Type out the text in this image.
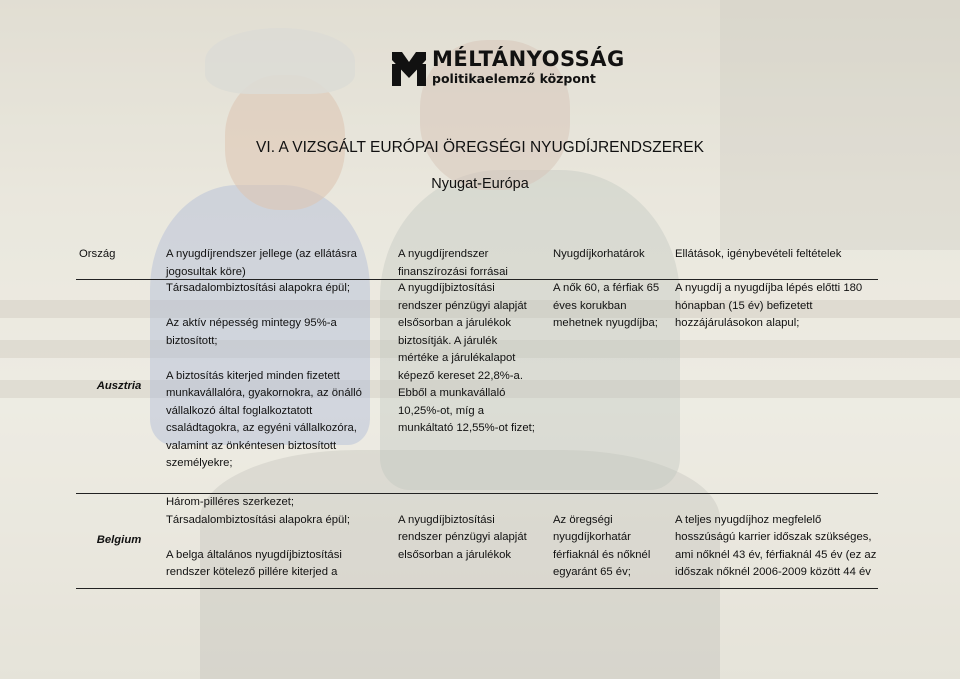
MÉLTÁNYOSSÁG
politikaelemző központ
VI. A VIZSGÁLT EURÓPAI ÖREGSÉGI NYUGDÍJRENDSZEREK
Nyugat-Európa
Ország	A nyugdíjrendszer jellege (az ellátásra jogosultak köre)
A nyugdíjrendszer finanszírozási forrásai
Nyugdíjkorhatárok	Ellátások, igénybevételi feltételek
Ausztria

Társadalombiztosítási alapokra épül;

Az aktív népesség mintegy 95%-a
biztosított;

A biztosítás kiterjed minden fizetett
munkavállalóra, gyakornokra, az önálló
vállalkozó által foglalkoztatott
családtagokra, az egyéni vállalkozóra,
valamint az önkéntesen biztosított
személyekre;

A nyugdíjbiztosítási
rendszer pénzügyi alapját
elsősorban a járulékok
biztosítják. A járulék
mértéke a járulékalapot
képező kereset 22,8%-a.
Ebből a munkavállaló
10,25%-ot, míg a
munkáltató 12,55%-ot fizet;

A nők 60, a férfiak 65
éves korukban
mehetnek nyugdíjba;

A nyugdíj a nyugdíjba lépés előtti 180
hónapban (15 év) befizetett
hozzájárulásokon alapul;

Belgium

Három-pilléres szerkezet;
Társadalombiztosítási alapokra épül;

A belga általános nyugdíjbiztosítási
rendszer kötelező pillére kiterjed a

A nyugdíjbiztosítási
rendszer pénzügyi alapját
elsősorban a járulékok

Az öregségi
nyugdíjkorhatár
férfiaknál és nőknél
egyaránt 65 év;

A teljes nyugdíjhoz megfelelő
hosszúságú karrier időszak szükséges,
ami nőknél 43 év, férfiaknál 45 év (ez az
időszak nőknél 2006-2009 között 44 év
